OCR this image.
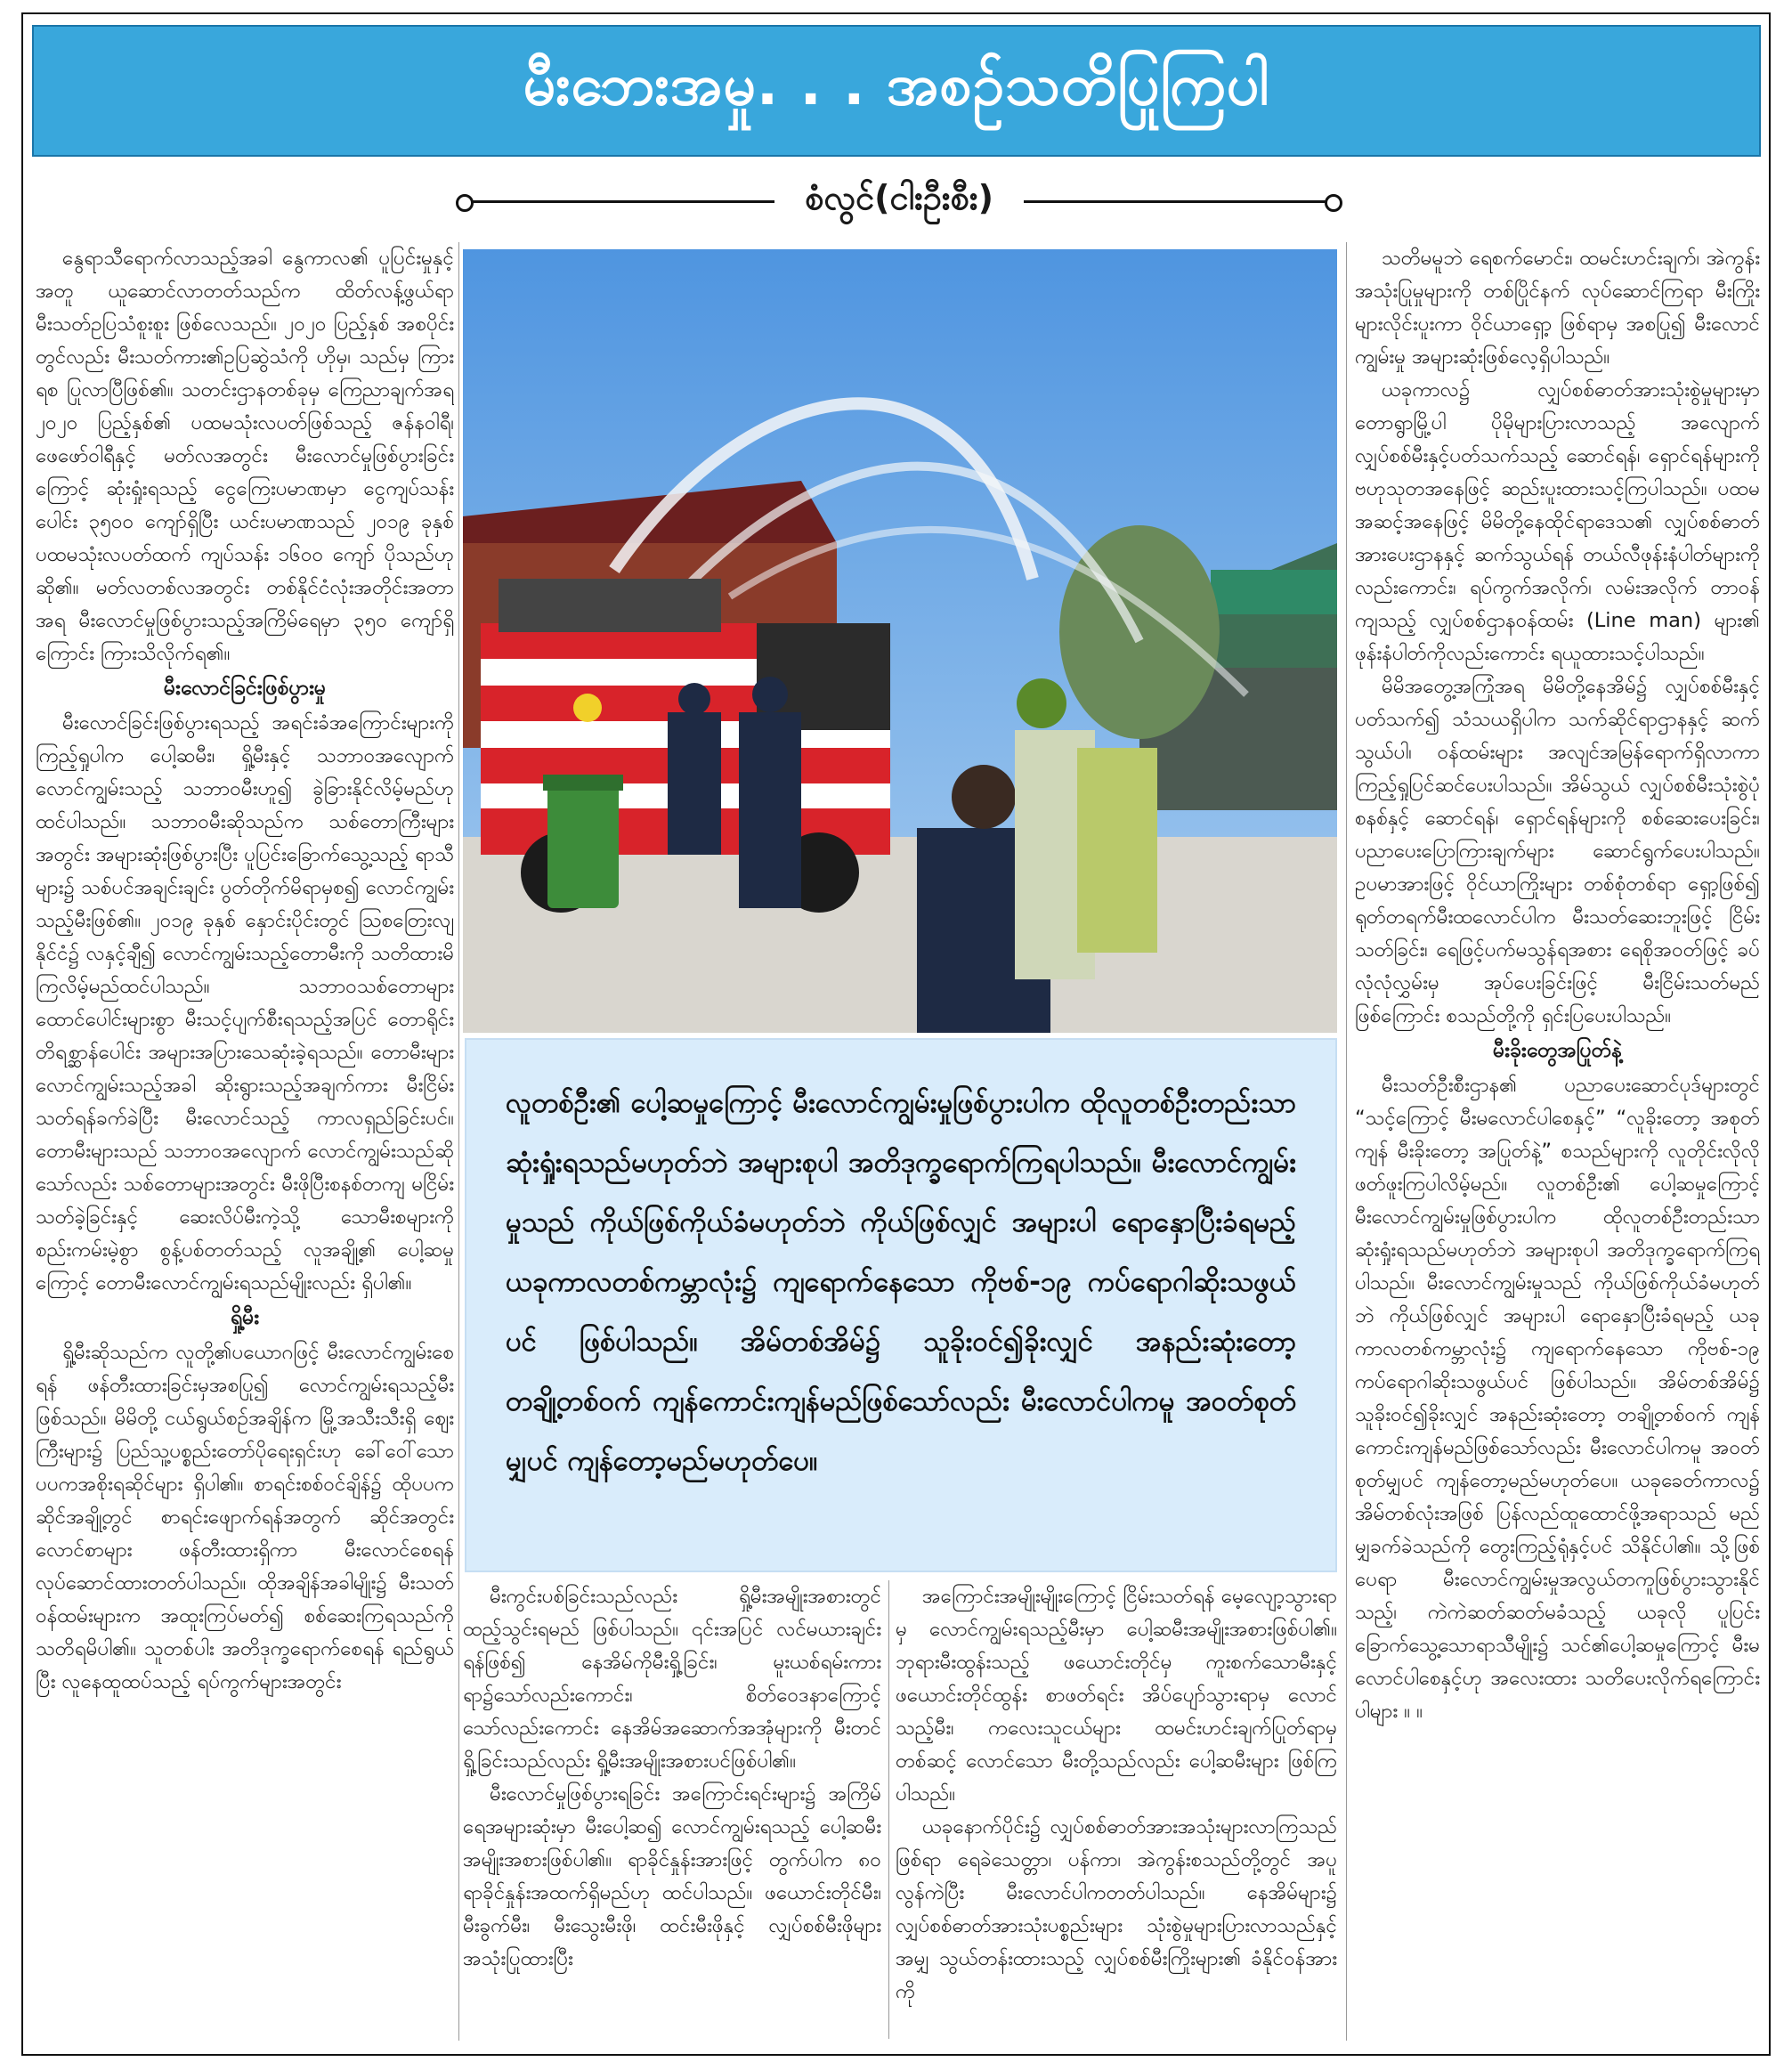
မီးဘေးအမှု. . . အစဉ်သတိပြုကြပါ
စံလွင်(ငါးဦးစီး)

နွေရာသီရောက်လာသည့်အခါ နွေကာလ၏ ပူပြင်းမှုနှင့်အတူ ယူဆောင်လာတတ်သည်က ထိတ်လန့်ဖွယ်ရာ မီးသတ်ဥပြသံစူးစူး ဖြစ်လေသည်။ ၂၀၂၀ ပြည့်နှစ် အစပိုင်းတွင်လည်း မီးသတ်ကား၏ဥပြဆွဲသံကို ဟိုမှ၊ သည်မှ ကြားရစ ပြုလာပြီဖြစ်၏။ သတင်းဌာနတစ်ခုမှ ကြေညာချက်အရ ၂၀၂၀ ပြည့်နှစ်၏ ပထမသုံးလပတ်ဖြစ်သည့် ဇန်နဝါရီ၊ ဖေဖော်ဝါရီနှင့် မတ်လအတွင်း မီးလောင်မှုဖြစ်ပွားခြင်းကြောင့် ဆုံးရှုံးရသည့် ငွေကြေးပမာဏမှာ ငွေကျပ်သန်းပေါင်း ၃၅၀၀ ကျော်ရှိပြီး ယင်းပမာဏသည် ၂၀၁၉ ခုနှစ် ပထမသုံးလပတ်ထက် ကျပ်သန်း ၁၆၀၀ ကျော် ပိုသည်ဟု ဆို၏။ မတ်လတစ်လအတွင်း တစ်နိုင်ငံလုံးအတိုင်းအတာအရ မီးလောင်မှုဖြစ်ပွားသည့်အကြိမ်ရေမှာ ၃၅၀ ကျော်ရှိကြောင်း ကြားသိလိုက်ရ၏။

မီးလောင်ခြင်းဖြစ်ပွားမှု

မီးလောင်ခြင်းဖြစ်ပွားရသည့် အရင်းခံအကြောင်းများကို ကြည့်ရှုပါက ပေါ့ဆမီး၊ ရှို့မီးနှင့် သဘာဝအလျောက် လောင်ကျွမ်းသည့် သဘာဝမီးဟူ၍ ခွဲခြားနိုင်လိမ့်မည်ဟု ထင်ပါသည်။ သဘာဝမီးဆိုသည်က သစ်တောကြီးများအတွင်း အများဆုံးဖြစ်ပွားပြီး ပူပြင်းခြောက်သွေ့သည့် ရာသီများ၌ သစ်ပင်အချင်းချင်း ပွတ်တိုက်မိရာမှစ၍ လောင်ကျွမ်းသည့်မီးဖြစ်၏။ ၂၀၁၉ ခုနှစ် နှောင်းပိုင်းတွင် ဩစတြေးလျနိုင်ငံ၌ လနှင့်ချီ၍ လောင်ကျွမ်းသည့်တောမီးကို သတိထားမိကြလိမ့်မည်ထင်ပါသည်။ သဘာဝသစ်တောများ ထောင်ပေါင်းများစွာ မီးသင့်ပျက်စီးရသည့်အပြင် တောရိုင်းတိရစ္ဆာန်ပေါင်း အများအပြားသေဆုံးခဲ့ရသည်။ တောမီးများ လောင်ကျွမ်းသည့်အခါ ဆိုးရွားသည့်အချက်ကား မီးငြိမ်းသတ်ရန်ခက်ခဲပြီး မီးလောင်သည့် ကာလရှည်ခြင်းပင်။ တောမီးများသည် သဘာဝအလျောက် လောင်ကျွမ်းသည်ဆိုသော်လည်း သစ်တောများအတွင်း မီးဖိုပြီးစနစ်တကျ မငြိမ်းသတ်ခဲ့ခြင်းနှင့် ဆေးလိပ်မီးကဲ့သို့ သောမီးစများကို စည်းကမ်းမဲ့စွာ စွန့်ပစ်တတ်သည့် လူအချို့၏ ပေါ့ဆမှုကြောင့် တောမီးလောင်ကျွမ်းရသည်မျိုးလည်း ရှိပါ၏။

ရှို့မီး

ရှို့မီးဆိုသည်က လူတို့၏ပယောဂဖြင့် မီးလောင်ကျွမ်းစေရန် ဖန်တီးထားခြင်းမှအစပြု၍ လောင်ကျွမ်းရသည့်မီးဖြစ်သည်။ မိမိတို့ ငယ်ရွယ်စဉ်အချိန်က မြို့အသီးသီးရှိ ဈေးကြီးများ၌ ပြည်သူ့ပစ္စည်းတော်ပိုရေးရှင်းဟု ခေါ်ဝေါ်သော ပပကအစိုးရဆိုင်များ ရှိပါ၏။ စာရင်းစစ်ဝင်ချိန်၌ ထိုပပကဆိုင်အချို့တွင် စာရင်းဖျောက်ရန်အတွက် ဆိုင်အတွင်း လောင်စာများ ဖန်တီးထားရှိကာ မီးလောင်စေရန် လုပ်ဆောင်ထားတတ်ပါသည်။ ထိုအချိန်အခါမျိုး၌ မီးသတ်ဝန်ထမ်းများက အထူးကြပ်မတ်၍ စစ်ဆေးကြရသည်ကို သတိရမိပါ၏။ သူတစ်ပါး အတိဒုက္ခရောက်စေရန် ရည်ရွယ်ပြီး လူနေထူထပ်သည့် ရပ်ကွက်များအတွင်း

လူတစ်ဦး၏ ပေါ့ဆမှုကြောင့် မီးလောင်ကျွမ်းမှုဖြစ်ပွားပါက ထိုလူတစ်ဦးတည်းသာ ဆုံးရှုံးရသည်မဟုတ်ဘဲ အများစုပါ အတိဒုက္ခရောက်ကြရပါသည်။ မီးလောင်ကျွမ်းမှုသည် ကိုယ်ဖြစ်ကိုယ်ခံမဟုတ်ဘဲ ကိုယ်ဖြစ်လျှင် အများပါ ရောနှောပြီးခံရမည့် ယခုကာလတစ်ကမ္ဘာလုံး၌ ကျရောက်နေသော ကိုဗစ်-၁၉ ကပ်ရောဂါဆိုးသဖွယ်ပင် ဖြစ်ပါသည်။ အိမ်တစ်အိမ်၌ သူခိုးဝင်၍ခိုးလျှင် အနည်းဆုံးတော့ တချို့တစ်ဝက် ကျန်ကောင်းကျန်မည်ဖြစ်သော်လည်း မီးလောင်ပါကမူ အဝတ်စုတ်မျှပင် ကျန်တော့မည်မဟုတ်ပေ။

မီးကွင်းပစ်ခြင်းသည်လည်း ရှို့မီးအမျိုးအစားတွင် ထည့်သွင်းရမည် ဖြစ်ပါသည်။ ၎င်းအပြင် လင်မယားချင်းရန်ဖြစ်၍ နေအိမ်ကိုမီးရှို့ခြင်း၊ မူးယစ်ရမ်းကားရာ၌သော်လည်းကောင်း၊ စိတ်ဝေဒနာကြောင့်သော်လည်းကောင်း နေအိမ်အဆောက်အအုံများကို မီးတင်ရှို့ခြင်းသည်လည်း ရှို့မီးအမျိုးအစားပင်ဖြစ်ပါ၏။

မီးလောင်မှုဖြစ်ပွားရခြင်း အကြောင်းရင်းများ၌ အကြိမ်ရေအများဆုံးမှာ မီးပေါ့ဆ၍ လောင်ကျွမ်းရသည့် ပေါ့ဆမီးအမျိုးအစားဖြစ်ပါ၏။ ရာခိုင်နှုန်းအားဖြင့် တွက်ပါက ၈၀ ရာခိုင်နှုန်းအထက်ရှိမည်ဟု ထင်ပါသည်။ ဖယောင်းတိုင်မီး၊ မီးခွက်မီး၊ မီးသွေးမီးဖို၊ ထင်းမီးဖိုနှင့် လျှပ်စစ်မီးဖိုများ အသုံးပြုထားပြီး

အကြောင်းအမျိုးမျိုးကြောင့် ငြိမ်းသတ်ရန် မေ့လျော့သွားရာမှ လောင်ကျွမ်းရသည့်မီးမှာ ပေါ့ဆမီးအမျိုးအစားဖြစ်ပါ၏။ ဘုရားမီးထွန်းသည့် ဖယောင်းတိုင်မှ ကူးစက်သောမီးနှင့် ဖယောင်းတိုင်ထွန်း စာဖတ်ရင်း အိပ်ပျော်သွားရာမှ လောင်သည့်မီး၊ ကလေးသူငယ်များ ထမင်းဟင်းချက်ပြုတ်ရာမှတစ်ဆင့် လောင်သော မီးတို့သည်လည်း ပေါ့ဆမီးများ ဖြစ်ကြပါသည်။

ယခုနောက်ပိုင်း၌ လျှပ်စစ်ဓာတ်အားအသုံးများလာကြသည်ဖြစ်ရာ ရေခဲသေတ္တာ၊ ပန်ကာ၊ အဲကွန်းစသည်တို့တွင် အပူလွန်ကဲပြီး မီးလောင်ပါကတတ်ပါသည်။ နေအိမ်များ၌ လျှပ်စစ်ဓာတ်အားသုံးပစ္စည်းများ သုံးစွဲမှုများပြားလာသည်နှင့်အမျှ သွယ်တန်းထားသည့် လျှပ်စစ်မီးကြိုးများ၏ ခံနိုင်ဝန်အားကို

သတိမမူဘဲ ရေစက်မောင်း၊ ထမင်းဟင်းချက်၊ အဲကွန်းအသုံးပြုမှုများကို တစ်ပြိုင်နက် လုပ်ဆောင်ကြရာ မီးကြိုးများလိုင်းပူးကာ ဝိုင်ယာရှော့ ဖြစ်ရာမှ အစပြု၍ မီးလောင်ကျွမ်းမှု အများဆုံးဖြစ်လေ့ရှိပါသည်။

ယခုကာလ၌ လျှပ်စစ်ဓာတ်အားသုံးစွဲမှုများမှာ တောရွာမြို့ပါ ပိုမိုများပြားလာသည့် အလျောက် လျှပ်စစ်မီးနှင့်ပတ်သက်သည့် ဆောင်ရန်၊ ရှောင်ရန်များကို ဗဟုသုတအနေဖြင့် ဆည်းပူးထားသင့်ကြပါသည်။ ပထမအဆင့်အနေဖြင့် မိမိတို့နေထိုင်ရာဒေသ၏ လျှပ်စစ်ဓာတ်အားပေးဌာနနှင့် ဆက်သွယ်ရန် တယ်လီဖုန်းနံပါတ်များကိုလည်းကောင်း၊ ရပ်ကွက်အလိုက်၊ လမ်းအလိုက် တာဝန်ကျသည့် လျှပ်စစ်ဌာနဝန်ထမ်း (Line man) များ၏ ဖုန်းနံပါတ်ကိုလည်းကောင်း ရယူထားသင့်ပါသည်။

မိမိအတွေ့အကြုံအရ မိမိတို့နေအိမ်၌ လျှပ်စစ်မီးနှင့်ပတ်သက်၍ သံသယရှိပါက သက်ဆိုင်ရာဌာနနှင့် ဆက်သွယ်ပါ၊ ဝန်ထမ်းများ အလျင်အမြန်ရောက်ရှိလာကာ ကြည့်ရှုပြင်ဆင်ပေးပါသည်။ အိမ်သွယ် လျှပ်စစ်မီးသုံးစွဲပုံစနစ်နှင့် ဆောင်ရန်၊ ရှောင်ရန်များကို စစ်ဆေးပေးခြင်း၊ ပညာပေးပြောကြားချက်များ ဆောင်ရွက်ပေးပါသည်။ ဥပမာအားဖြင့် ဝိုင်ယာကြိုးများ တစ်စုံတစ်ရာ ရှော့ဖြစ်၍ ရုတ်တရက်မီးထလောင်ပါက မီးသတ်ဆေးဘူးဖြင့် ငြိမ်းသတ်ခြင်း၊ ရေဖြင့်ပက်မသွန်ရအစား ရေစိုအဝတ်ဖြင့် ခပ်လုံလုံလွှမ်းမှ အုပ်ပေးခြင်းဖြင့် မီးငြိမ်းသတ်မည်ဖြစ်ကြောင်း စသည်တို့ကို ရှင်းပြပေးပါသည်။

မီးခိုးတွေအပြုတ်နဲ့

မီးသတ်ဦးစီးဌာန၏ ပညာပေးဆောင်ပုဒ်များတွင် “သင့်ကြောင့် မီးမလောင်ပါစေနှင့်” “လူခိုးတော့ အစုတ်ကျန် မီးခိုးတော့ အပြုတ်နဲ့” စသည်များကို လူတိုင်းလိုလို ဖတ်ဖူးကြပါလိမ့်မည်။ လူတစ်ဦး၏ ပေါ့ဆမှုကြောင့် မီးလောင်ကျွမ်းမှုဖြစ်ပွားပါက ထိုလူတစ်ဦးတည်းသာ ဆုံးရှုံးရသည်မဟုတ်ဘဲ အများစုပါ အတိဒုက္ခရောက်ကြရပါသည်။ မီးလောင်ကျွမ်းမှုသည် ကိုယ်ဖြစ်ကိုယ်ခံမဟုတ်ဘဲ ကိုယ်ဖြစ်လျှင် အများပါ ရောနှောပြီးခံရမည့် ယခုကာလတစ်ကမ္ဘာလုံး၌ ကျရောက်နေသော ကိုဗစ်-၁၉ ကပ်ရောဂါဆိုးသဖွယ်ပင် ဖြစ်ပါသည်။ အိမ်တစ်အိမ်၌ သူခိုးဝင်၍ခိုးလျှင် အနည်းဆုံးတော့ တချို့တစ်ဝက် ကျန်ကောင်းကျန်မည်ဖြစ်သော်လည်း မီးလောင်ပါကမူ အဝတ်စုတ်မျှပင် ကျန်တော့မည်မဟုတ်ပေ။ ယခုခေတ်ကာလ၌ အိမ်တစ်လုံးအဖြစ် ပြန်လည်ထူထောင်ဖို့အရာသည် မည်မျှခက်ခဲသည်ကို တွေးကြည့်ရုံနှင့်ပင် သိနိုင်ပါ၏။ သို့ဖြစ်ပေရာ မီးလောင်ကျွမ်းမှုအလွယ်တကူဖြစ်ပွားသွားနိုင်သည့်၊ ကဲကဲဆတ်ဆတ်မခံသည့် ယခုလို ပူပြင်းခြောက်သွေ့သောရာသီမျိုး၌ သင်၏ပေါ့ဆမှုကြောင့် မီးမလောင်ပါစေနှင့်ဟု အလေးထား သတိပေးလိုက်ရကြောင်းပါများ ။ ။
